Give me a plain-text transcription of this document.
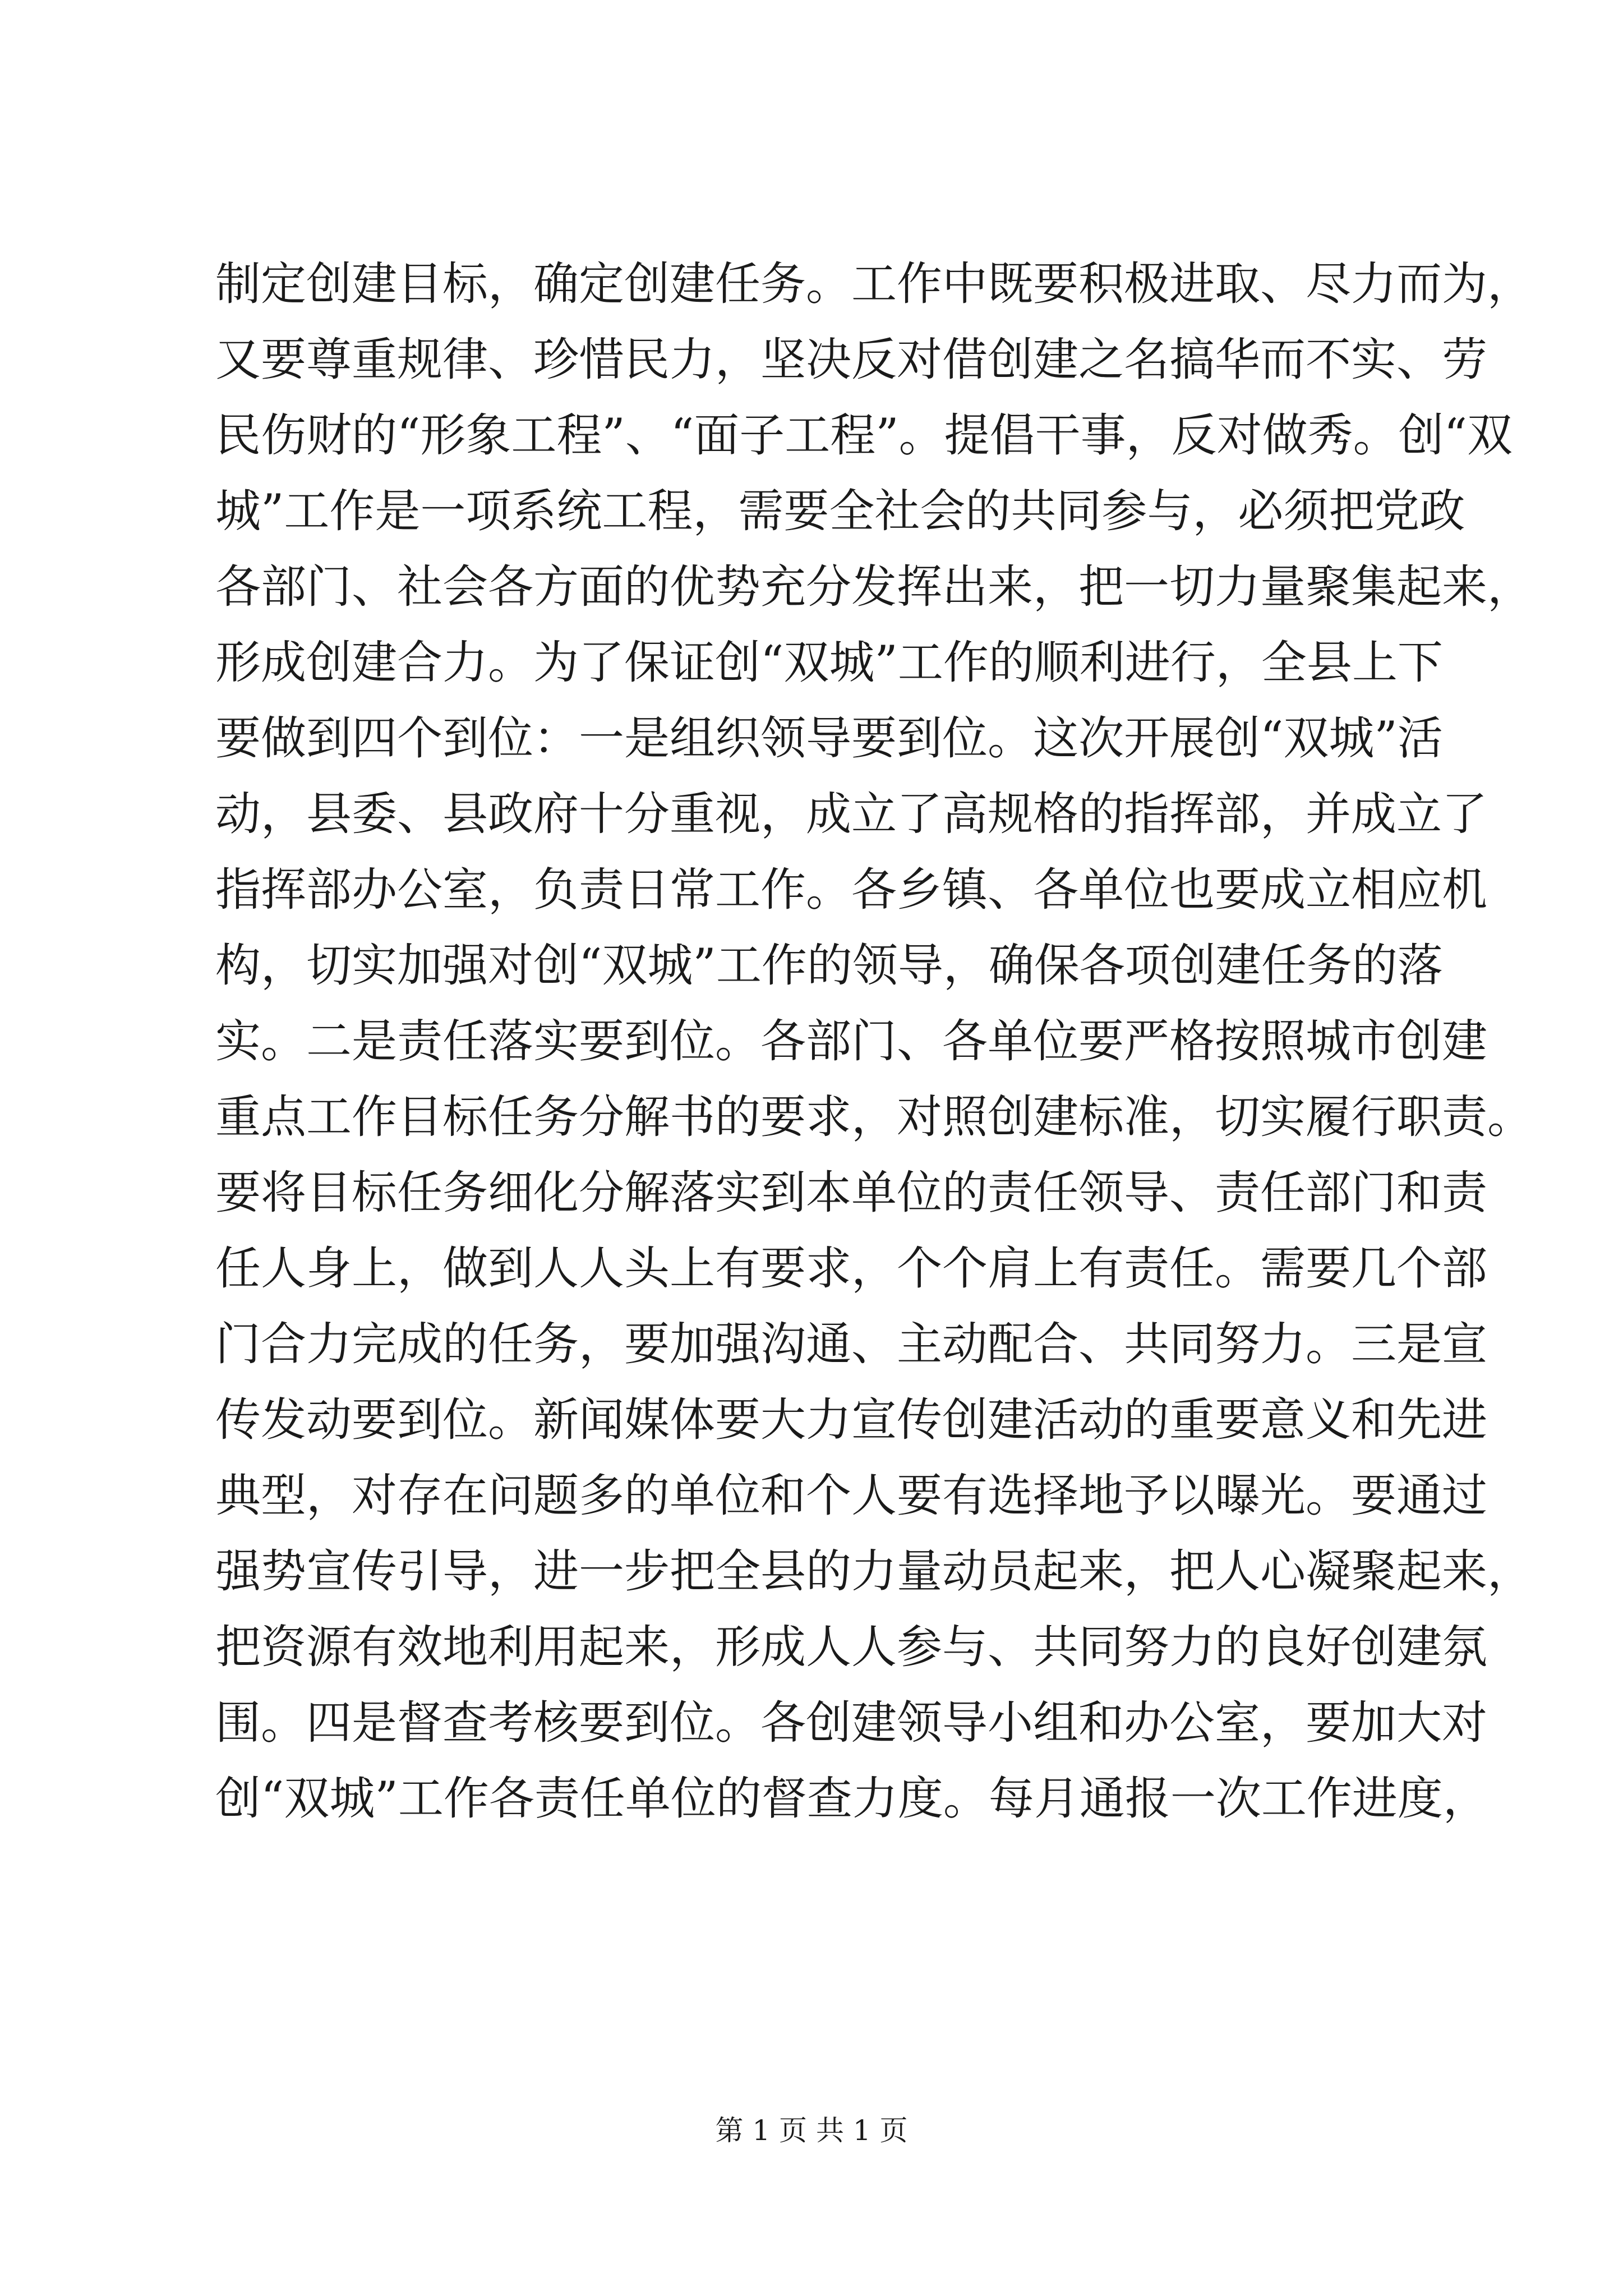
制定创建目标，确定创建任务。工作中既要积极进取、尽力而为，
又要尊重规律、珍惜民力，坚决反对借创建之名搞华而不实、劳
民伤财的“形象工程”、“面子工程”。提倡干事，反对做秀。创“双
城”工作是一项系统工程，需要全社会的共同参与，必须把党政
各部门、社会各方面的优势充分发挥出来，把一切力量聚集起来，
形成创建合力。为了保证创“双城”工作的顺利进行，全县上下
要做到四个到位：一是组织领导要到位。这次开展创“双城”活
动，县委、县政府十分重视，成立了高规格的指挥部，并成立了
指挥部办公室，负责日常工作。各乡镇、各单位也要成立相应机
构，切实加强对创“双城”工作的领导，确保各项创建任务的落
实。二是责任落实要到位。各部门、各单位要严格按照城市创建
重点工作目标任务分解书的要求，对照创建标准，切实履行职责。
要将目标任务细化分解落实到本单位的责任领导、责任部门和责
任人身上，做到人人头上有要求，个个肩上有责任。需要几个部
门合力完成的任务，要加强沟通、主动配合、共同努力。三是宣
传发动要到位。新闻媒体要大力宣传创建活动的重要意义和先进
典型，对存在问题多的单位和个人要有选择地予以曝光。要通过
强势宣传引导，进一步把全县的力量动员起来，把人心凝聚起来，
把资源有效地利用起来，形成人人参与、共同努力的良好创建氛
围。四是督查考核要到位。各创建领导小组和办公室，要加大对
创“双城”工作各责任单位的督查力度。每月通报一次工作进度，
第 1 页 共 1 页
